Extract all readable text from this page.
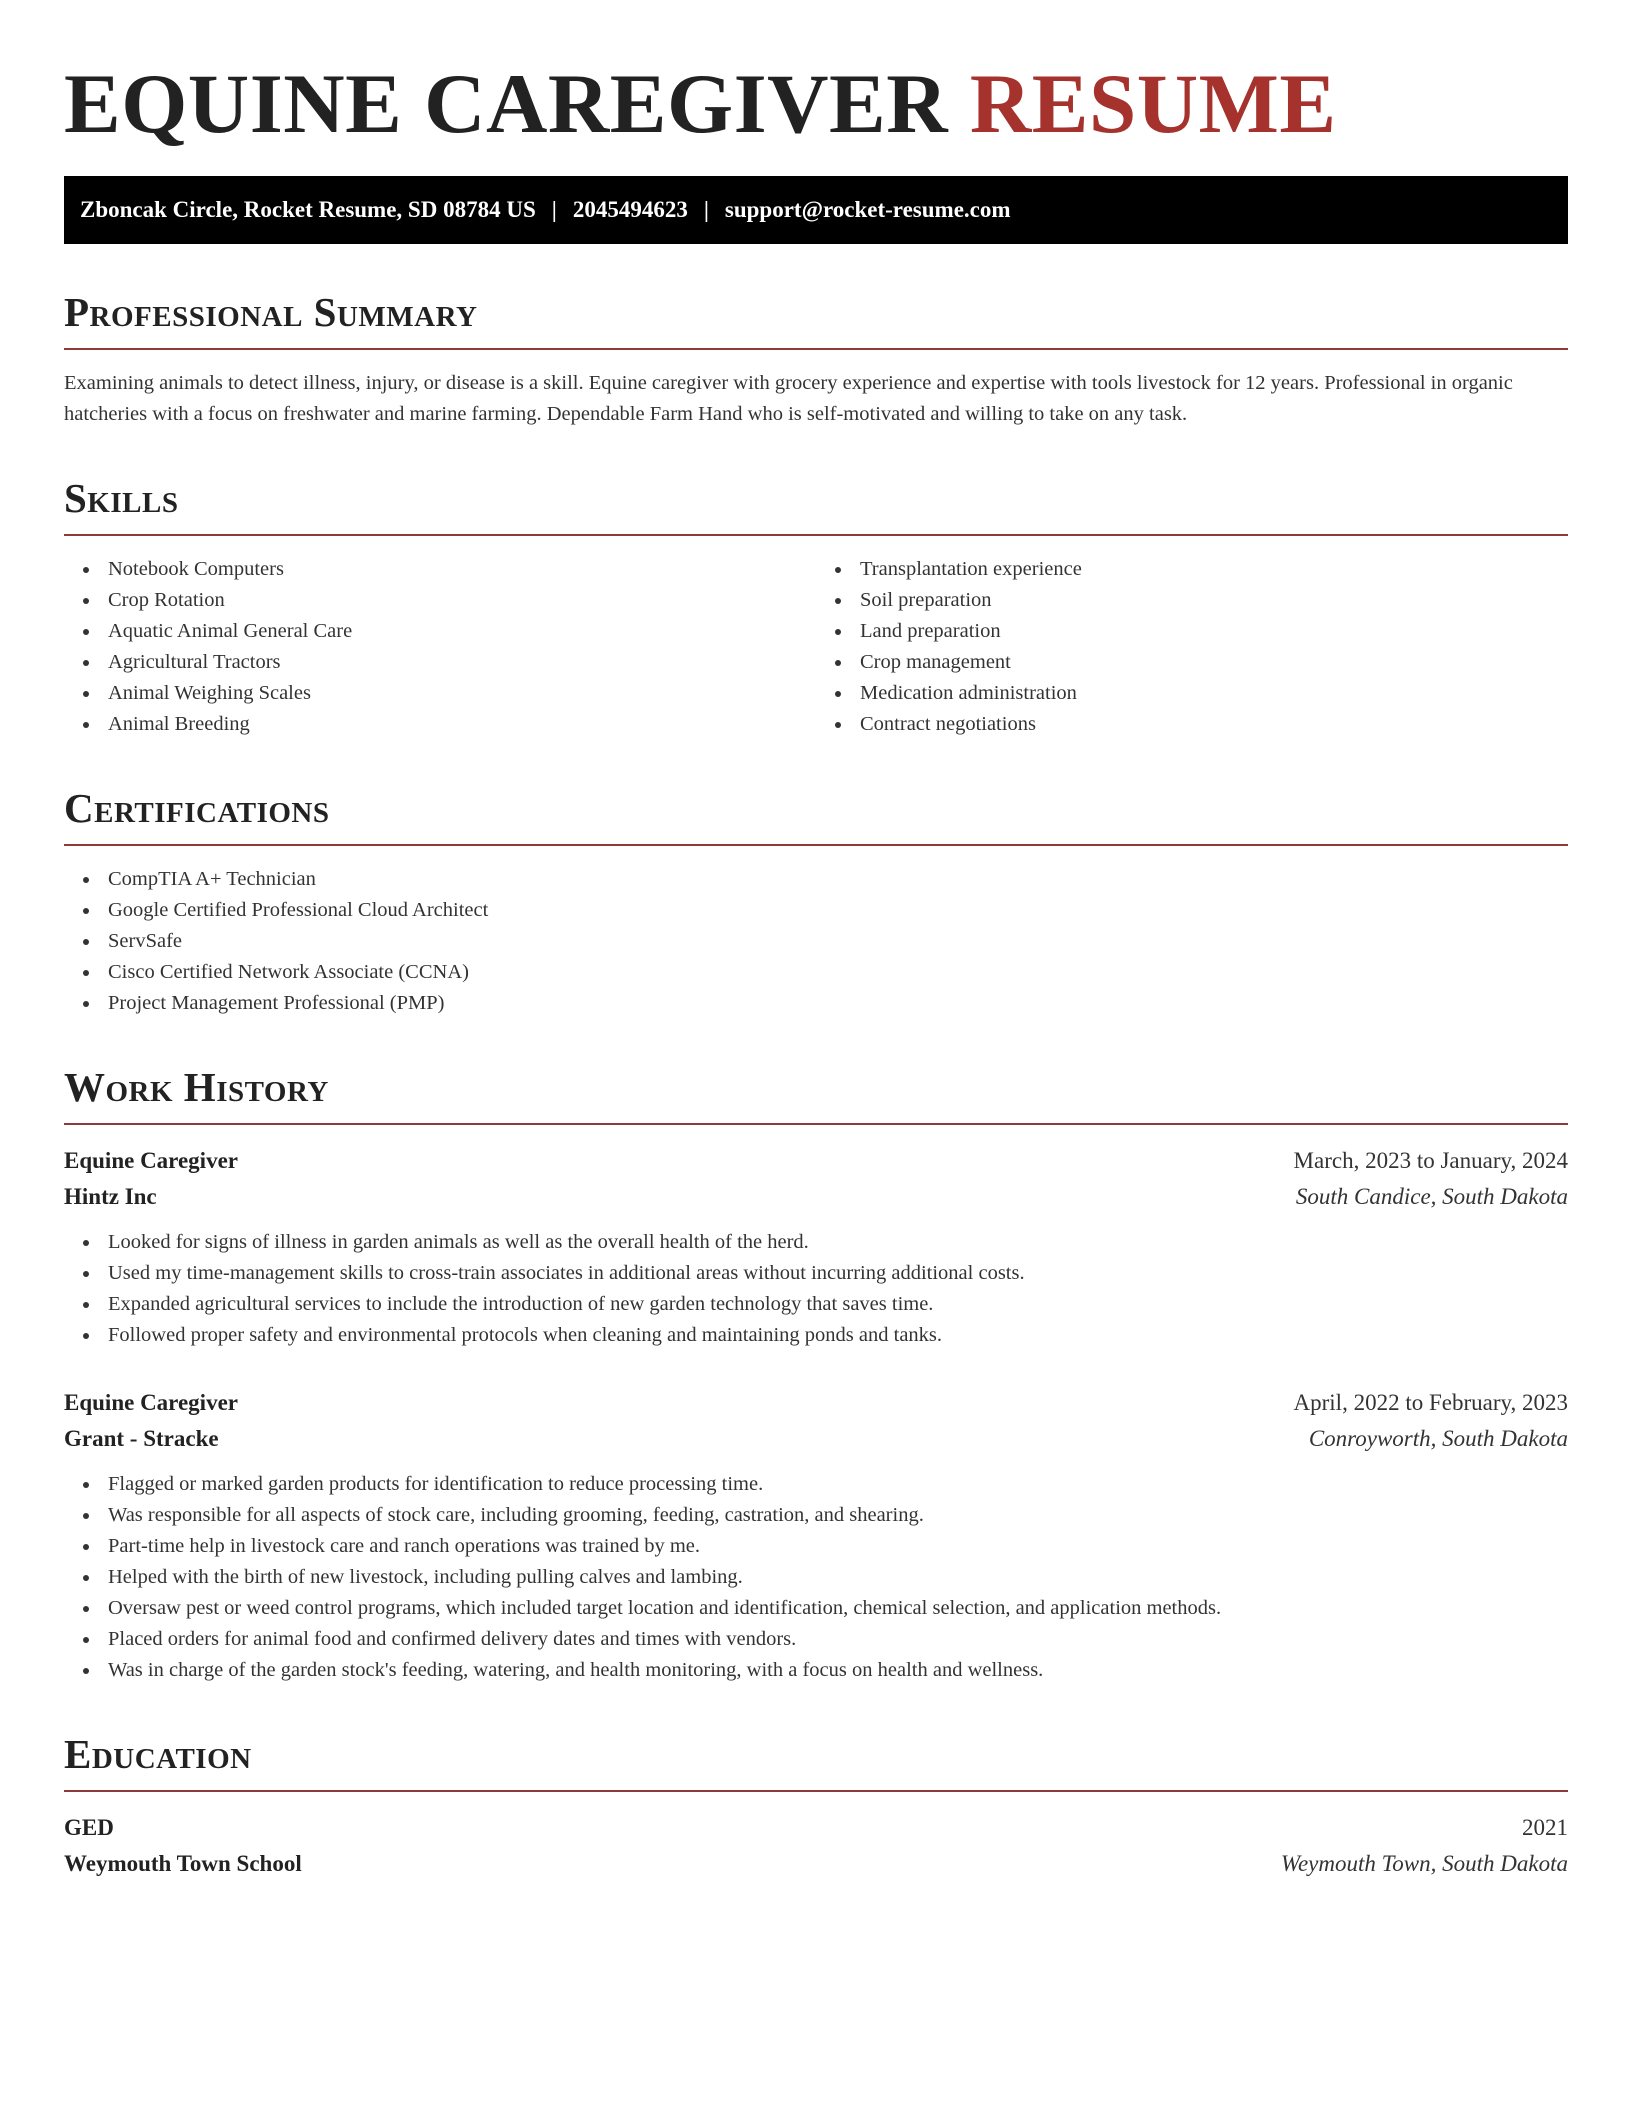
EQUINE CAREGIVER RESUME
Zboncak Circle, Rocket Resume, SD 08784 US | 2045494623 | support@rocket-resume.com
Professional Summary

Examining animals to detect illness, injury, or disease is a skill. Equine caregiver with grocery experience and expertise with tools livestock for 12 years. Professional in organic hatcheries with a focus on freshwater and marine farming. Dependable Farm Hand who is self-motivated and willing to take on any task.

Skills
Notebook Computers
Crop Rotation
Aquatic Animal General Care
Agricultural Tractors
Animal Weighing Scales
Animal Breeding
Transplantation experience
Soil preparation
Land preparation
Crop management
Medication administration
Contract negotiations
Certifications
CompTIA A+ Technician
Google Certified Professional Cloud Architect
ServSafe
Cisco Certified Network Associate (CCNA)
Project Management Professional (PMP)
Work History
Equine Caregiver	March, 2023 to January, 2024
Hintz Inc	South Candice, South Dakota
Looked for signs of illness in garden animals as well as the overall health of the herd.
Used my time-management skills to cross-train associates in additional areas without incurring additional costs.
Expanded agricultural services to include the introduction of new garden technology that saves time.
Followed proper safety and environmental protocols when cleaning and maintaining ponds and tanks.
Equine Caregiver	April, 2022 to February, 2023
Grant - Stracke	Conroyworth, South Dakota
Flagged or marked garden products for identification to reduce processing time.
Was responsible for all aspects of stock care, including grooming, feeding, castration, and shearing.
Part-time help in livestock care and ranch operations was trained by me.
Helped with the birth of new livestock, including pulling calves and lambing.
Oversaw pest or weed control programs, which included target location and identification, chemical selection, and application methods.
Placed orders for animal food and confirmed delivery dates and times with vendors.
Was in charge of the garden stock's feeding, watering, and health monitoring, with a focus on health and wellness.
Education
GED	2021
Weymouth Town School	Weymouth Town, South Dakota
